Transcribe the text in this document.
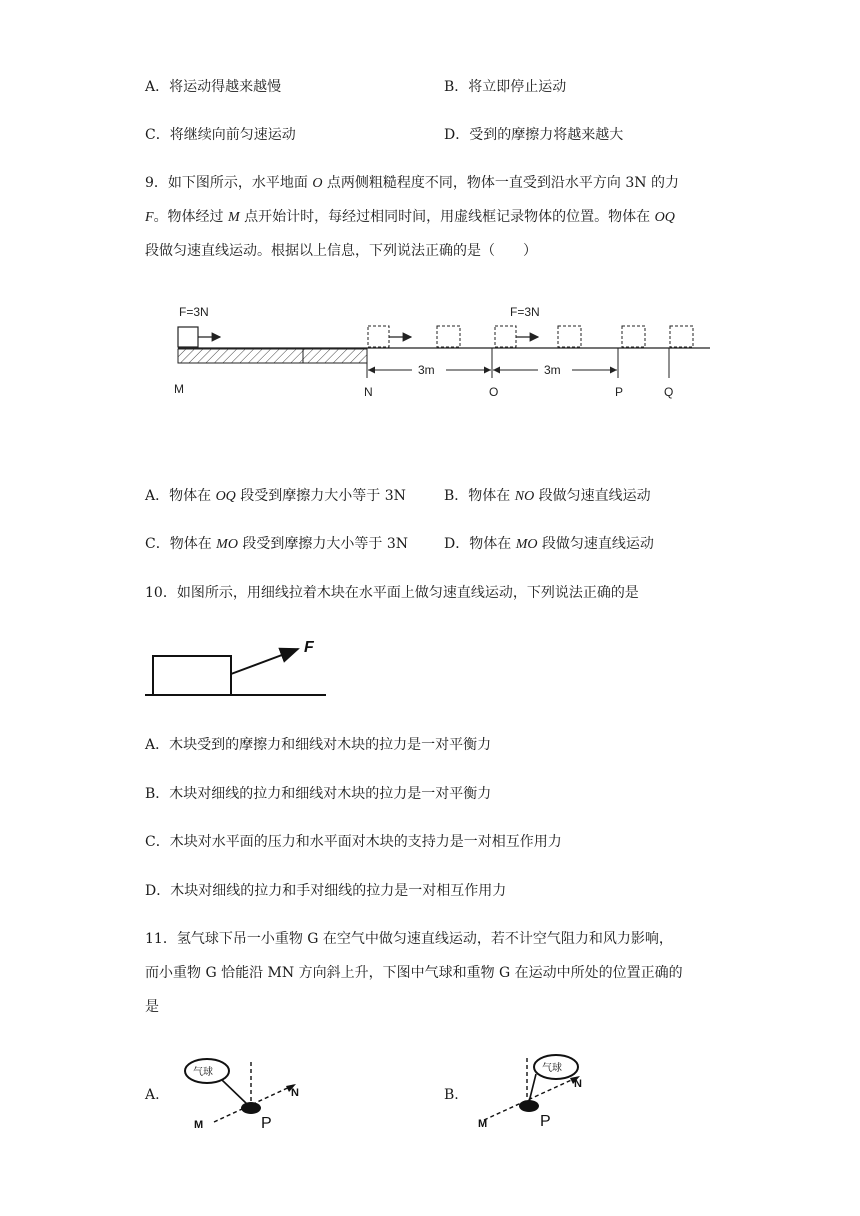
A．将运动得越来越慢	B．将立即停止运动
C．将继续向前匀速运动	D．受到的摩擦力将越来越大
9．如下图所示，水平地面 O 点两侧粗糙程度不同，物体一直受到沿水平方向 3N 的力
F。物体经过 M 点开始计时，每经过相同时间，用虚线框记录物体的位置。物体在 OQ
段做匀速直线运动。根据以上信息，下列说法正确的是（　　）
F=3N	F=3N
3m	3m
M	N	O	P	Q
A．物体在 OQ 段受到摩擦力大小等于 3N	B．物体在 NO 段做匀速直线运动
C．物体在 MO 段受到摩擦力大小等于 3N	D．物体在 MO 段做匀速直线运动
10．如图所示，用细线拉着木块在水平面上做匀速直线运动，下列说法正确的是
F
A．木块受到的摩擦力和细线对木块的拉力是一对平衡力
B．木块对细线的拉力和细线对木块的拉力是一对平衡力
C．木块对水平面的压力和水平面对木块的支持力是一对相互作用力
D．木块对细线的拉力和手对细线的拉力是一对相互作用力
11．氢气球下吊一小重物 G 在空气中做匀速直线运动，若不计空气阻力和风力影响，
而小重物 G 恰能沿 MN 方向斜上升，下图中气球和重物 G 在运动中所处的位置正确的
是
A.	B.
气球
M
N
P
气球
M
N
P
